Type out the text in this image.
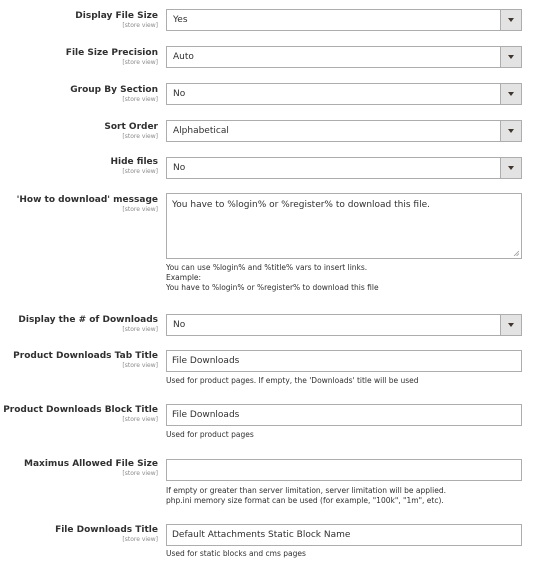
Display File Size
[store view]
Yes
File Size Precision
[store view]
Auto
Group By Section
[store view]
No
Sort Order
[store view]
Alphabetical
Hide files
[store view] No
'How to download' message
[store view] You have to %login% or %register% to download this file.
You can use %login% and %title% vars to insert links.
Example:
You have to %login% or %register% to download this file
Display the # of Downloads
[store view] No
Product Downloads Tab Title
[store view] File Downloads
Used for product pages. If empty, the 'Downloads' title will be used
Product Downloads Block Title
[store view] File Downloads
Used for product pages
Maximus Allowed File Size
[store view]
If empty or greater than server limitation, server limitation will be applied.
php.ini memory size format can be used (for example, "100k", "1m", etc).
File Downloads Title
[store view] Default Attachments Static Block Name
Used for static blocks and cms pages
